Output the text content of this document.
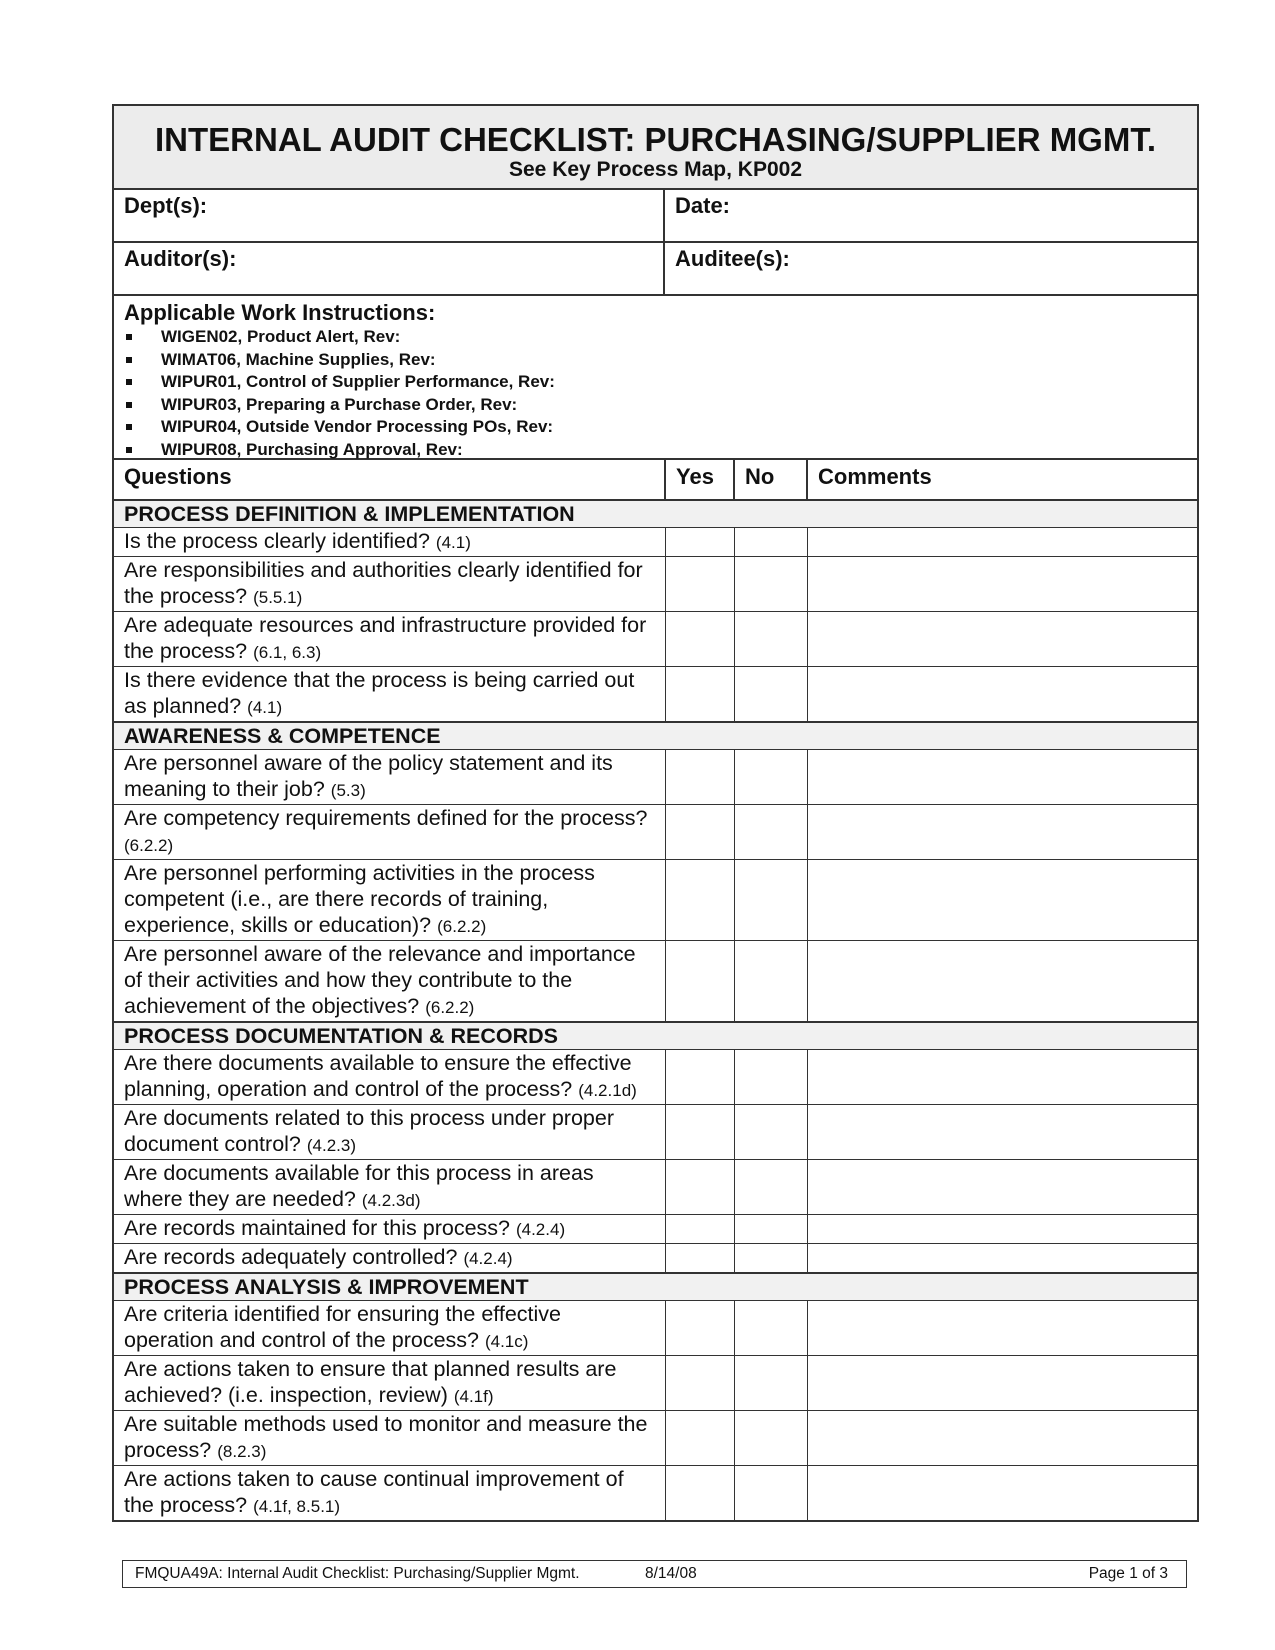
INTERNAL AUDIT CHECKLIST: PURCHASING/SUPPLIER MGMT.
See Key Process Map, KP002
Dept(s):	Date:
Auditor(s):	Auditee(s):
Applicable Work Instructions:
WIGEN02, Product Alert, Rev:
WIMAT06, Machine Supplies, Rev:
WIPUR01, Control of Supplier Performance, Rev:
WIPUR03, Preparing a Purchase Order, Rev:
WIPUR04, Outside Vendor Processing POs, Rev:
WIPUR08, Purchasing Approval, Rev:
Questions	Yes	No	Comments
PROCESS DEFINITION & IMPLEMENTATION			
Is the process clearly identified? (4.1)			
Are responsibilities and authorities clearly identified for the process? (5.5.1)			
Are adequate resources and infrastructure provided for the process? (6.1, 6.3)			
Is there evidence that the process is being carried out as planned? (4.1)			
AWARENESS & COMPETENCE			
Are personnel aware of the policy statement and its meaning to their job? (5.3)			
Are competency requirements defined for the process? (6.2.2)			
Are personnel performing activities in the process competent (i.e., are there records of training, experience, skills or education)? (6.2.2)			
Are personnel aware of the relevance and importance of their activities and how they contribute to the achievement of the objectives? (6.2.2)			
PROCESS DOCUMENTATION & RECORDS			
Are there documents available to ensure the effective planning, operation and control of the process? (4.2.1d)			
Are documents related to this process under proper document control? (4.2.3)			
Are documents available for this process in areas where they are needed? (4.2.3d)			
Are records maintained for this process? (4.2.4)			
Are records adequately controlled? (4.2.4)			
PROCESS ANALYSIS & IMPROVEMENT			
Are criteria identified for ensuring the effective operation and control of the process? (4.1c)			
Are actions taken to ensure that planned results are achieved? (i.e. inspection, review) (4.1f)			
Are suitable methods used to monitor and measure the process? (8.2.3)			
Are actions taken to cause continual improvement of the process? (4.1f, 8.5.1)			
FMQUA49A: Internal Audit Checklist: Purchasing/Supplier Mgmt.	8/14/08	Page 1 of 3
